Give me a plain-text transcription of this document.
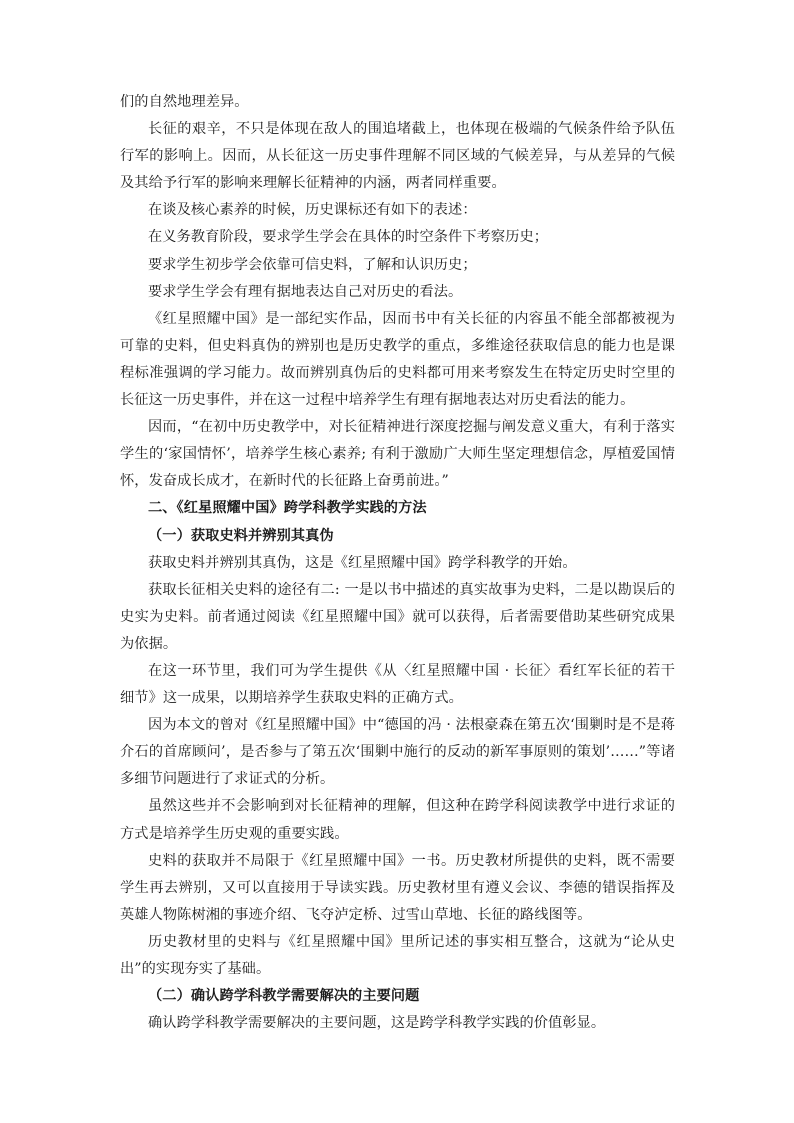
们的自然地理差异。

长征的艰辛，不只是体现在敌人的围追堵截上，也体现在极端的气候条件给予队伍行军的影响上。因而，从长征这一历史事件理解不同区域的气候差异，与从差异的气候及其给予行军的影响来理解长征精神的内涵，两者同样重要。

在谈及核心素养的时候，历史课标还有如下的表述：

在义务教育阶段，要求学生学会在具体的时空条件下考察历史；

要求学生初步学会依靠可信史料，了解和认识历史；

要求学生学会有理有据地表达自己对历史的看法。

《红星照耀中国》是一部纪实作品，因而书中有关长征的内容虽不能全部都被视为可靠的史料，但史料真伪的辨别也是历史教学的重点，多维途径获取信息的能力也是课程标准强调的学习能力。故而辨别真伪后的史料都可用来考察发生在特定历史时空里的长征这一历史事件，并在这一过程中培养学生有理有据地表达对历史看法的能力。

因而，“在初中历史教学中，对长征精神进行深度挖掘与阐发意义重大，有利于落实学生的‘家国情怀’，培养学生核心素养; 有利于激励广大师生坚定理想信念，厚植爱国情怀，发奋成长成才，在新时代的长征路上奋勇前进。”

二、《红星照耀中国》跨学科教学实践的方法

（一）获取史料并辨别其真伪

获取史料并辨别其真伪，这是《红星照耀中国》跨学科教学的开始。

获取长征相关史料的途径有二: 一是以书中描述的真实故事为史料，二是以勘误后的史实为史料。前者通过阅读《红星照耀中国》就可以获得，后者需要借助某些研究成果为依据。

在这一环节里，我们可为学生提供《从〈红星照耀中国 · 长征〉看红军长征的若干细节》这一成果，以期培养学生获取史料的正确方式。

因为本文的曾对《红星照耀中国》中“德国的冯 · 法根豪森在第五次‘围剿时是不是蒋介石的首席顾问’，是否参与了第五次‘围剿中施行的反动的新军事原则的策划’……”等诸多细节问题进行了求证式的分析。

虽然这些并不会影响到对长征精神的理解，但这种在跨学科阅读教学中进行求证的方式是培养学生历史观的重要实践。

史料的获取并不局限于《红星照耀中国》一书。历史教材所提供的史料，既不需要学生再去辨别，又可以直接用于导读实践。历史教材里有遵义会议、李德的错误指挥及英雄人物陈树湘的事迹介绍、飞夺泸定桥、过雪山草地、长征的路线图等。

历史教材里的史料与《红星照耀中国》里所记述的事实相互整合，这就为“论从史出”的实现夯实了基础。

（二）确认跨学科教学需要解决的主要问题

确认跨学科教学需要解决的主要问题，这是跨学科教学实践的价值彰显。
